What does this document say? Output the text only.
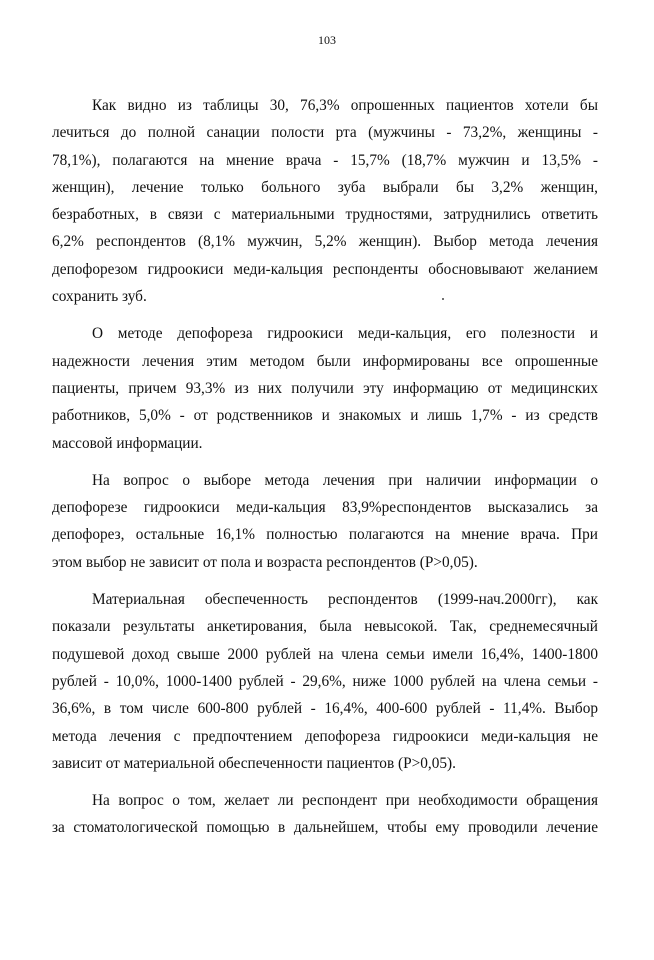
103

Как видно из таблицы 30, 76,3% опрошенных пациентов хотели бы
лечиться до полной санации полости рта (мужчины - 73,2%, женщины -
78,1%), полагаются на мнение врача - 15,7% (18,7% мужчин и 13,5% -
женщин), лечение только больного зуба выбрали бы 3,2% женщин,
безработных, в связи с материальными трудностями, затруднились ответить
6,2% респондентов (8,1% мужчин, 5,2% женщин). Выбор метода лечения
депофорезом гидроокиси меди-кальция респонденты обосновывают желанием
сохранить зуб.

О методе депофореза гидроокиси меди-кальция, его полезности и
надежности лечения этим методом были информированы все опрошенные
пациенты, причем 93,3% из них получили эту информацию от медицинских
работников, 5,0% - от родственников и знакомых и лишь 1,7% - из средств
массовой информации.

На вопрос о выборе метода лечения при наличии информации о
депофорезе гидроокиси меди-кальция 83,9%респондентов высказались за
депофорез, остальные 16,1% полностью полагаются на мнение врача. При
этом выбор не зависит от пола и возраста респондентов (Р>0,05).

Материальная обеспеченность респондентов (1999-нач.2000гг), как
показали результаты анкетирования, была невысокой. Так, среднемесячный
подушевой доход свыше 2000 рублей на члена семьи имели 16,4%, 1400-1800
рублей - 10,0%, 1000-1400 рублей - 29,6%, ниже 1000 рублей на члена семьи -
36,6%, в том числе 600-800 рублей - 16,4%, 400-600 рублей - 11,4%. Выбор
метода лечения с предпочтением депофореза гидроокиси меди-кальция не
зависит от материальной обеспеченности пациентов (Р>0,05).

На вопрос о том, желает ли респондент при необходимости обращения
за стоматологической помощью в дальнейшем, чтобы ему проводили лечение
